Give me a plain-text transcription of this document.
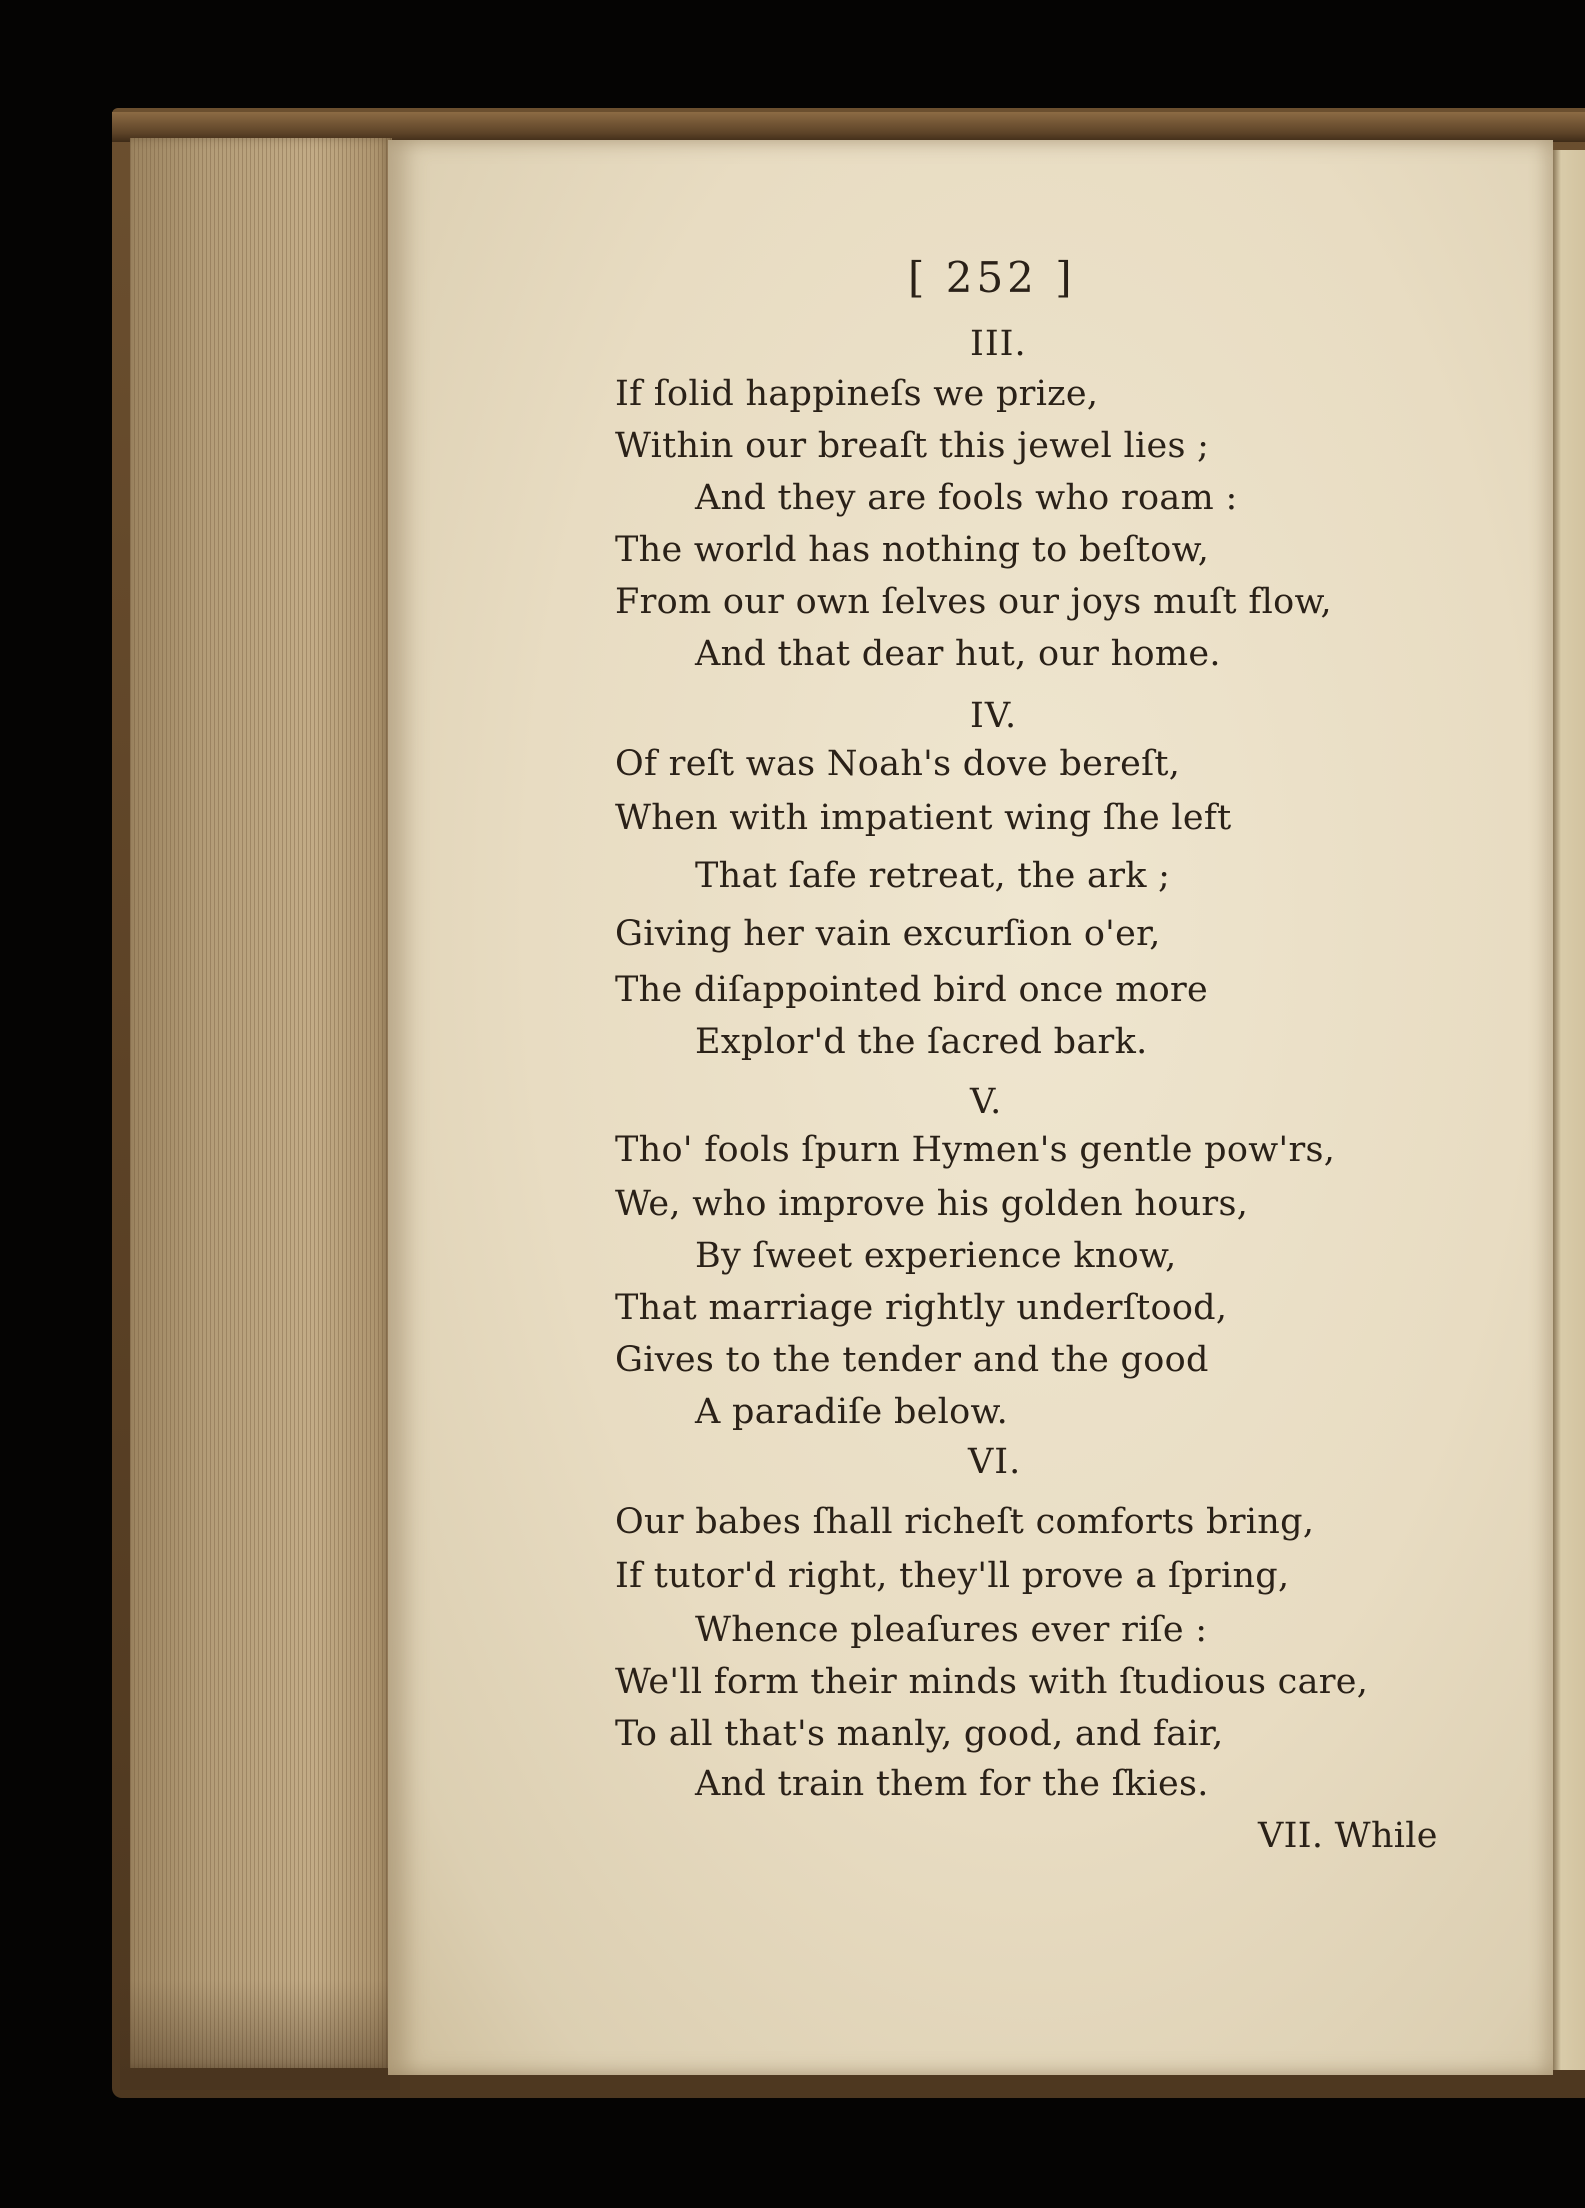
[ 252 ]
III.
If ſolid happineſs we prize,
Within our breaſt this jewel lies ;
And they are fools who roam :
The world has nothing to beſtow,
From our own ſelves our joys muſt flow,
And that dear hut, our home.
IV.
Of reſt was Noah's dove bereſt,
When with impatient wing ſhe left
That ſafe retreat, the ark ;
Giving her vain excurſion o'er,
The diſappointed bird once more
Explor'd the ſacred bark.
V.
Tho' fools ſpurn Hymen's gentle pow'rs,
We, who improve his golden hours,
By ſweet experience know,
That marriage rightly underſtood,
Gives to the tender and the good
A paradiſe below.
VI.
Our babes ſhall richeſt comforts bring,
If tutor'd right, they'll prove a ſpring,
Whence pleaſures ever riſe :
We'll form their minds with ſtudious care,
To all that's manly, good, and fair,
And train them for the ſkies.
VII. While
